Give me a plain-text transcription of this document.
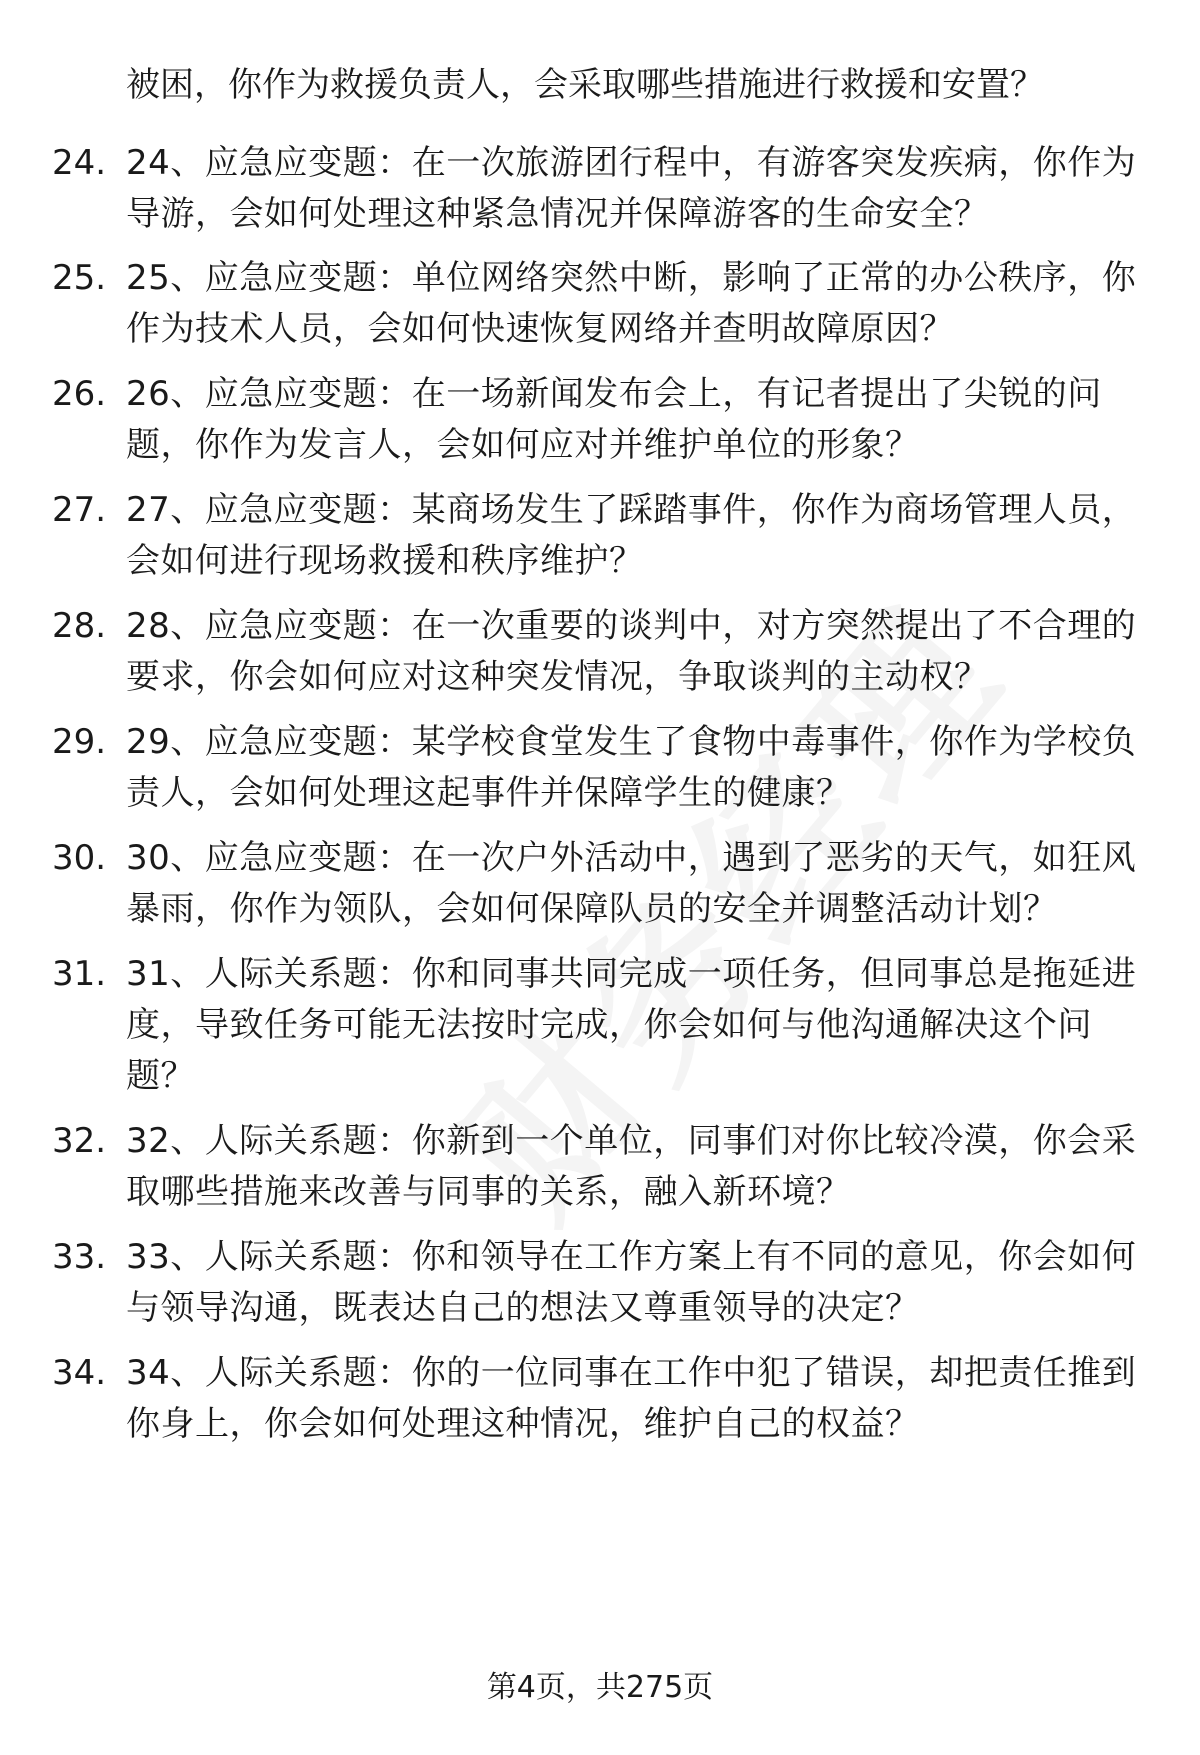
被困，你作为救援负责人，会采取哪些措施进行救援和安置？
24. 24、应急应变题：在一次旅游团行程中，有游客突发疾病，你作为导游，会如何处理这种紧急情况并保障游客的生命安全？
25. 25、应急应变题：单位网络突然中断，影响了正常的办公秩序，你作为技术人员，会如何快速恢复网络并查明故障原因？
26. 26、应急应变题：在一场新闻发布会上，有记者提出了尖锐的问题，你作为发言人，会如何应对并维护单位的形象？
27. 27、应急应变题：某商场发生了踩踏事件，你作为商场管理人员，会如何进行现场救援和秩序维护？
28. 28、应急应变题：在一次重要的谈判中，对方突然提出了不合理的要求，你会如何应对这种突发情况，争取谈判的主动权？
29. 29、应急应变题：某学校食堂发生了食物中毒事件，你作为学校负责人，会如何处理这起事件并保障学生的健康？
30. 30、应急应变题：在一次户外活动中，遇到了恶劣的天气，如狂风暴雨，你作为领队，会如何保障队员的安全并调整活动计划？
31. 31、人际关系题：你和同事共同完成一项任务，但同事总是拖延进度，导致任务可能无法按时完成，你会如何与他沟通解决这个问题？
32. 32、人际关系题：你新到一个单位，同事们对你比较冷漠，你会采取哪些措施来改善与同事的关系，融入新环境？
33. 33、人际关系题：你和领导在工作方案上有不同的意见，你会如何与领导沟通，既表达自己的想法又尊重领导的决定？
34. 34、人际关系题：你的一位同事在工作中犯了错误，却把责任推到你身上，你会如何处理这种情况，维护自己的权益？
第4页，共275页
